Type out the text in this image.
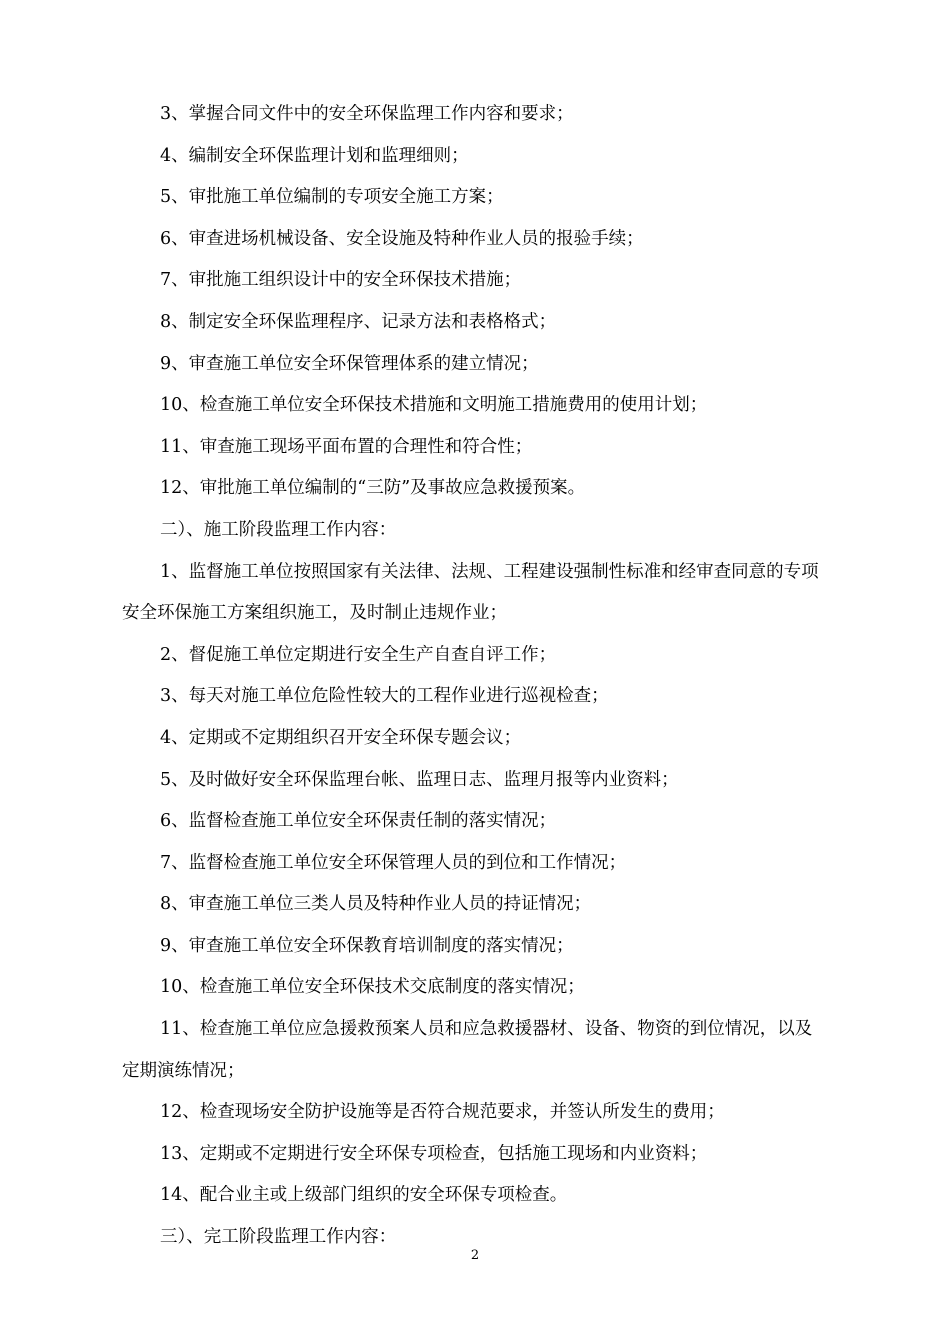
3、掌握合同文件中的安全环保监理工作内容和要求；

4、编制安全环保监理计划和监理细则；

5、审批施工单位编制的专项安全施工方案；

6、审查进场机械设备、安全设施及特种作业人员的报验手续；

7、审批施工组织设计中的安全环保技术措施；

8、制定安全环保监理程序、记录方法和表格格式；

9、审查施工单位安全环保管理体系的建立情况；

10、检查施工单位安全环保技术措施和文明施工措施费用的使用计划；

11、审查施工现场平面布置的合理性和符合性；

12、审批施工单位编制的“三防”及事故应急救援预案。

二）、施工阶段监理工作内容：

1、监督施工单位按照国家有关法律、法规、工程建设强制性标准和经审查同意的专项安全环保施工方案组织施工，及时制止违规作业；

2、督促施工单位定期进行安全生产自查自评工作；

3、每天对施工单位危险性较大的工程作业进行巡视检查；

4、定期或不定期组织召开安全环保专题会议；

5、及时做好安全环保监理台帐、监理日志、监理月报等内业资料；

6、监督检查施工单位安全环保责任制的落实情况；

7、监督检查施工单位安全环保管理人员的到位和工作情况；

8、审查施工单位三类人员及特种作业人员的持证情况；

9、审查施工单位安全环保教育培训制度的落实情况；

10、检查施工单位安全环保技术交底制度的落实情况；

11、检查施工单位应急援救预案人员和应急救援器材、设备、物资的到位情况，以及定期演练情况；

12、检查现场安全防护设施等是否符合规范要求，并签认所发生的费用；

13、定期或不定期进行安全环保专项检查，包括施工现场和内业资料；

14、配合业主或上级部门组织的安全环保专项检查。

三）、完工阶段监理工作内容：

2
